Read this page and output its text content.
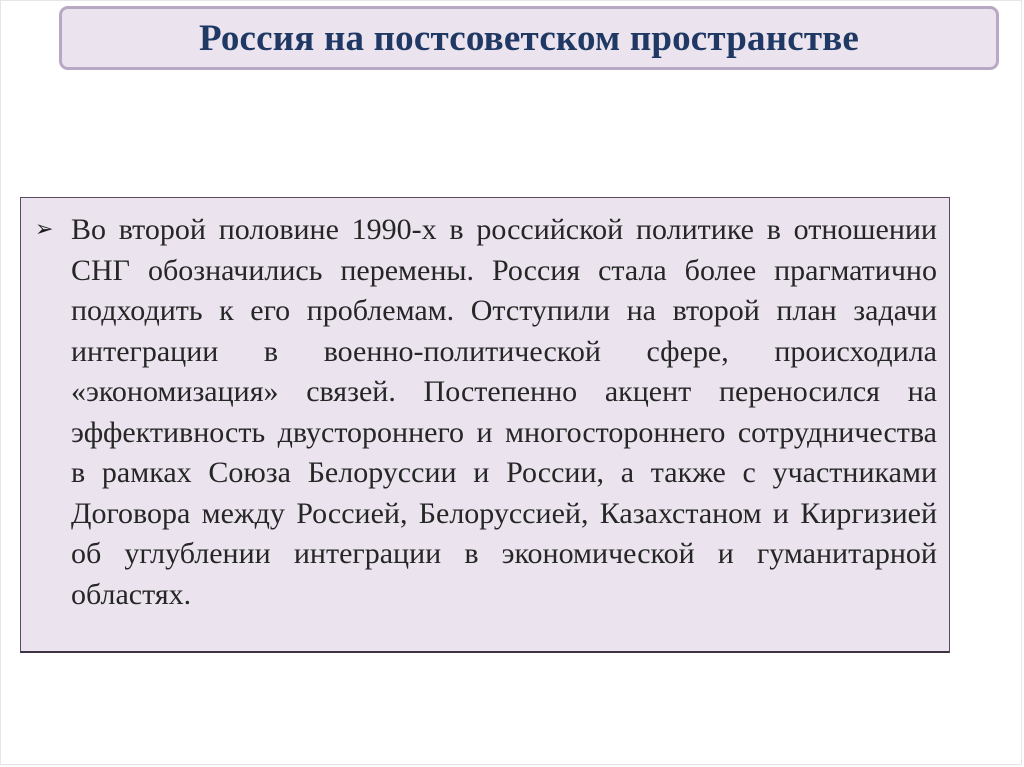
Россия на постсоветском пространстве
➢ Во второй половине 1990-х в российской политике в отношении СНГ обозначились перемены. Россия стала более прагматично подходить к его проблемам. Отступили на второй план задачи интеграции в военно-политической сфере, происходила «экономизация» связей. Постепенно акцент переносился на эффективность двустороннего и многостороннего сотрудничества в рамках Союза Белоруссии и России, а также с участниками Договора между Россией, Белоруссией, Казахстаном и Киргизией об углублении интеграции в экономической и гуманитарной областях.
